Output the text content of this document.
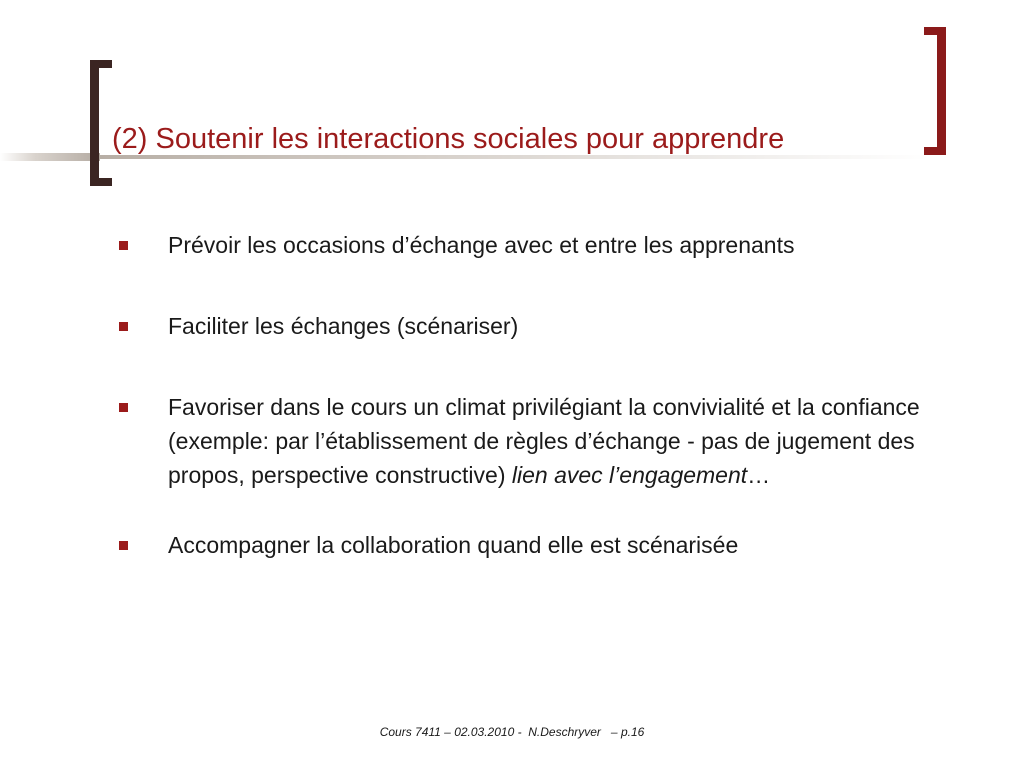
(2) Soutenir les interactions sociales pour apprendre
Prévoir les occasions d’échange avec et entre les apprenants
Faciliter les échanges (scénariser)
Favoriser dans le cours un climat privilégiant la convivialité et la confiance (exemple: par l’établissement de règles d’échange - pas de jugement des propos, perspective constructive) lien avec l’engagement…
Accompagner la collaboration quand elle est scénarisée
Cours 7411 – 02.03.2010 -  N.Deschryver   – p.16
